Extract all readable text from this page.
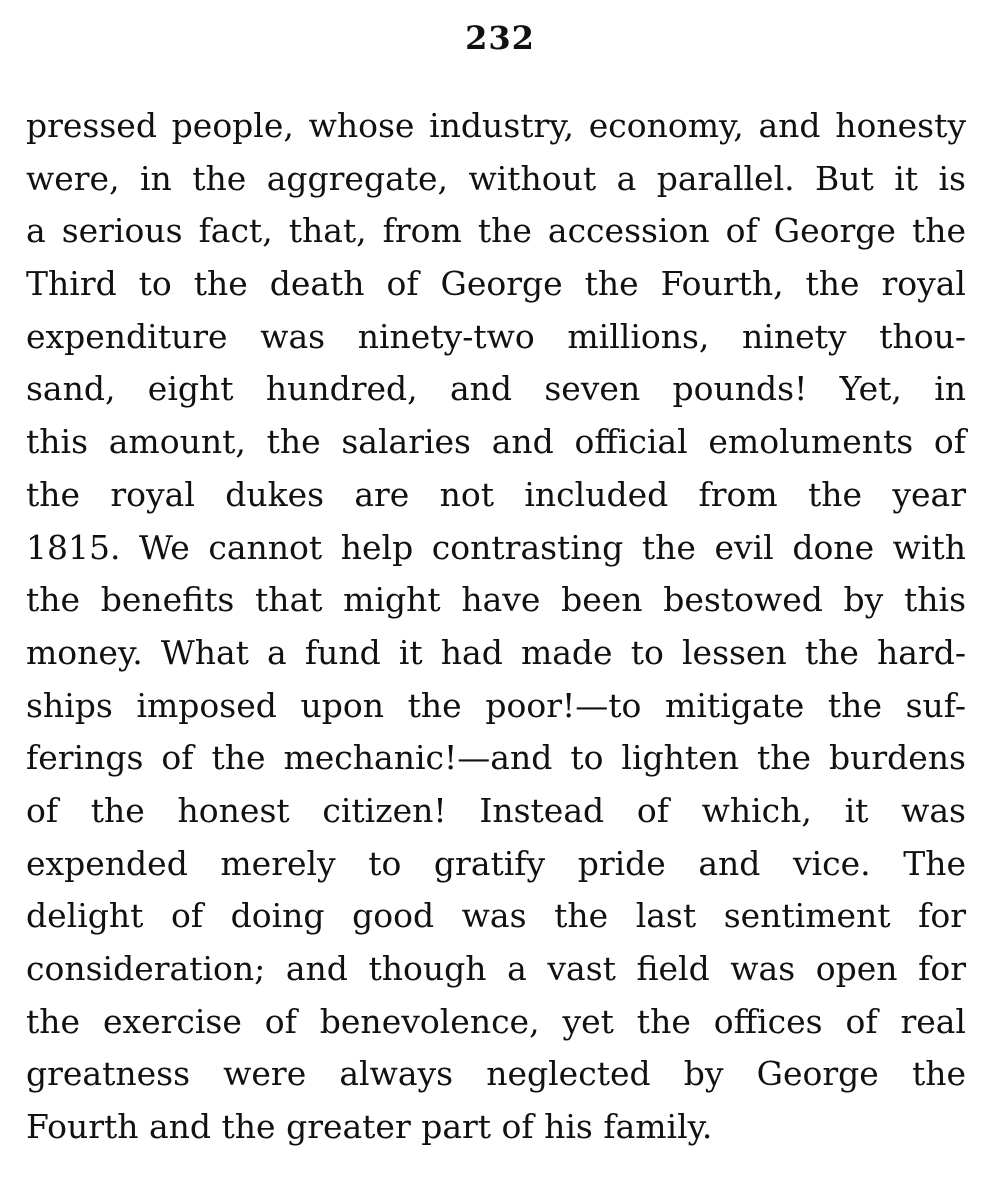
232
pressed people, whose industry, economy, and honesty
were, in the aggregate, without a parallel. But it is
a serious fact, that, from the accession of George the
Third to the death of George the Fourth, the royal
expenditure was ninety-two millions, ninety thou-
sand, eight hundred, and seven pounds! Yet, in
this amount, the salaries and official emoluments of
the royal dukes are not included from the year
1815. We cannot help contrasting the evil done with
the benefits that might have been bestowed by this
money. What a fund it had made to lessen the hard-
ships imposed upon the poor!—to mitigate the suf-
ferings of the mechanic!—and to lighten the burdens
of the honest citizen! Instead of which, it was
expended merely to gratify pride and vice. The
delight of doing good was the last sentiment for
consideration; and though a vast field was open for
the exercise of benevolence, yet the offices of real
greatness were always neglected by George the
Fourth and the greater part of his family.
